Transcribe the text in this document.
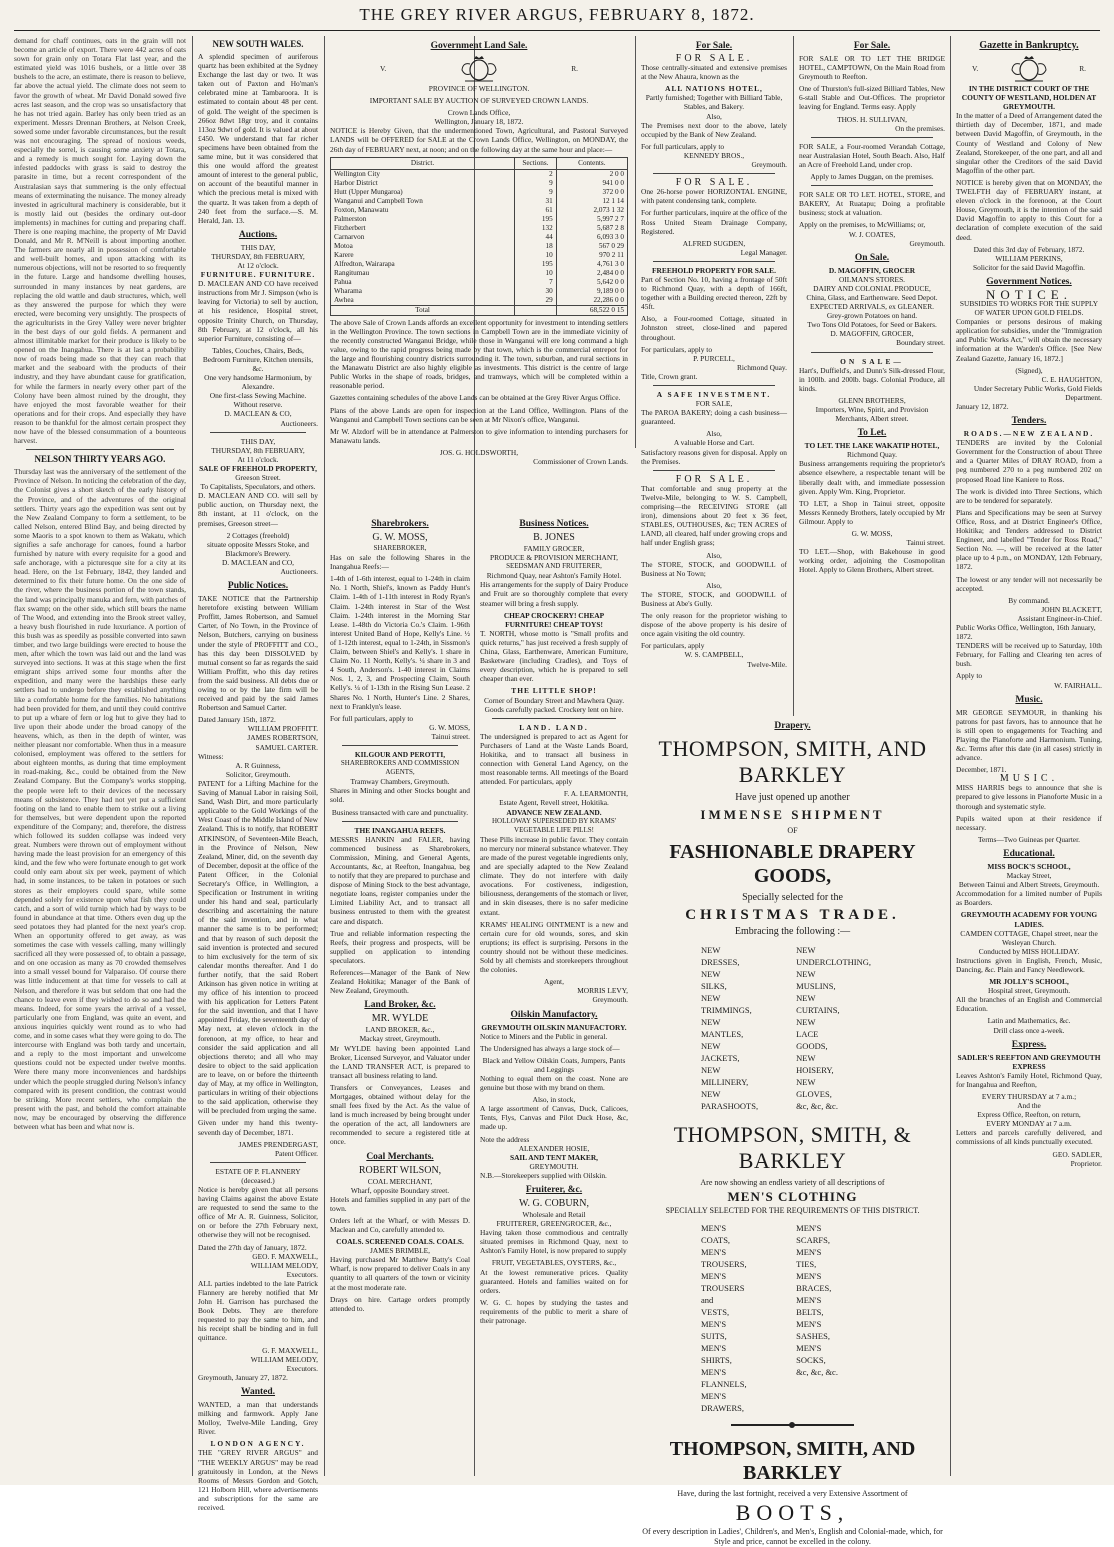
THE GREY RIVER ARGUS, FEBRUARY 8, 1872.

demand for chaff continues, oats in the grain will not become an article of export. There were 442 acres of oats sown for grain only on Totara Flat last year, and the estimated yield was 1016 bushels, or a little over 38 bushels to the acre, an estimate, there is reason to believe, far above the actual yield. The climate does not seem to favor the growth of wheat. Mr David Donald sowed five acres last season, and the crop was so unsatisfactory that he has not tried again. Barley has only been tried as an experiment. Messrs Drennan Brothers, at Nelson Creek, sowed some under favorable circumstances, but the result was not encouraging. The spread of noxious weeds, especially the sorrel, is causing some anxiety at Totara, and a remedy is much sought for. Laying down the infested paddocks with grass is said to destroy the parasite in time, but a recent correspondent of the Australasian says that summering is the only effectual means of exterminating the nuisance. The money already invested in agricultural machinery is considerable, but it is mostly laid out (besides the ordinary out-door implements) in machines for cutting and preparing chaff. There is one reaping machine, the property of Mr David Donald, and Mr R. M'Neill is about importing another. The farmers are nearly all in possession of comfortable and well-built homes, and upon attacking with its numerous objections, will not be resorted to so frequently in the future. Large and handsome dwelling houses, surrounded in many instances by neat gardens, are replacing the old wattle and daub structures, which, well as they answered the purpose for which they were erected, were becoming very unsightly. The prospects of the agriculturists in the Grey Valley were never brighter in the best days of our gold fields. A permanent and almost illimitable market for their produce is likely to be opened on the Inangahua. There is at last a probability now of roads being made so that they can reach that market and the seaboard with the products of their industry, and they have abundant cause for gratification, for while the farmers in nearly every other part of the Colony have been almost ruined by the drought, they have enjoyed the most favorable weather for their operations and for their crops. And especially they have reason to be thankful for the almost certain prospect they now have of the blessed consummation of a bounteous harvest.

NELSON THIRTY YEARS AGO.

Thursday last was the anniversary of the settlement of the Province of Nelson. In noticing the celebration of the day, the Colonist gives a short sketch of the early history of the Province, and of the adventures of the original settlers. Thirty years ago the expedition was sent out by the New Zealand Company to form a settlement, to be called Nelson, entered Blind Bay, and being directed by some Maoris to a spot known to them as Wakatu, which signifies a safe anchorage for canoes, found a harbor furnished by nature with every requisite for a good and safe anchorage, with a picturesque site for a city at its head. Here, on the 1st February, 1842, they landed and determined to fix their future home. On the one side of the river, where the business portion of the town stands, the land was principally manuka and fern, with patches of flax swamp; on the other side, which still bears the name of The Wood, and extending into the Brook street valley, a heavy bush flourished in rude luxuriance. A portion of this bush was as speedily as possible converted into sawn timber, and two large buildings were erected to house the men, after which the town was laid out and the land was surveyed into sections. It was at this stage when the first emigrant ships arrived some four months after the expedition, and many were the hardships these early settlers had to undergo before they established anything like a comfortable home for the families. No habitations had been provided for them, and until they could contrive to put up a whare of fern or log hut to give they had to live upon their abode under the broad canopy of the heavens, which, as then in the depth of winter, was neither pleasant nor comfortable. When thus in a measure colonised, employment was offered to the settlers for about eighteen months, as during that time employment in road-making, &c., could be obtained from the New Zealand Company. But the Company's works stopping, the people were left to their devices of the necessary means of subsistence. They had not yet put a sufficient footing on the land to enable them to strike out a living for themselves, but were dependent upon the reported expenditure of the Company; and, therefore, the distress which followed its sudden collapse was indeed very great. Numbers were thrown out of employment without having made the least provision for an emergency of this kind, and the few who were fortunate enough to get work could only earn about six per week, payment of which had, in some instances, to be taken in potatoes or such stores as their employers could spare, while some depended solely for existence upon what fish they could catch, and a sort of wild turnip which had by ways to be found in abundance at that time. Others even dug up the seed potatoes they had planted for the next year's crop. When an opportunity offered to get away, as was sometimes the case with vessels calling, many willingly sacrificed all they were possessed of, to obtain a passage, and on one occasion as many as 70 crowded themselves into a small vessel bound for Valparaiso. Of course there was little inducement at that time for vessels to call at Nelson, and therefore it was but seldom that one had the chance to leave even if they wished to do so and had the means. Indeed, for some years the arrival of a vessel, particularly one from England, was quite an event, and anxious inquiries quickly went round as to who had come, and in some cases what they were going to do. The intercourse with England was both tardy and uncertain, and a reply to the most important and unwelcome questions could not be expected under twelve months. Were there many more inconveniences and hardships under which the people struggled during Nelson's infancy compared with its present condition, the contrast would be striking. More recent settlers, who complain the present with the past, and behold the comfort attainable now, may be encouraged by observing the difference between what has been and what now is.

NEW SOUTH WALES.

A splendid specimen of auriferous quartz has been exhibited at the Sydney Exchange the last day or two. It was taken out of Paxton and Ho'man's celebrated mine at Tambaroora. It is estimated to contain about 48 per cent. of gold. The weight of the specimen is 266oz 8dwt 18gr troy, and it contains 113oz 9dwt of gold. It is valued at about £450. We understand that far richer specimens have been obtained from the same mine, but it was considered that this one would afford the greatest amount of interest to the general public, on account of the beautiful manner in which the precious metal is mixed with the quartz. It was taken from a depth of 240 feet from the surface.—S. M. Herald, Jan. 13.

Auctions.
THIS DAY,
THURSDAY, 8th FEBRUARY,
At 12 o'clock.
FURNITURE. FURNITURE.

D. MACLEAN AND CO have received instructions from Mr J. Simpson (who is leaving for Victoria) to sell by auction, at his residence, Hospital street, opposite Trinity Church, on Thursday, 8th February, at 12 o'clock, all his superior Furniture, consisting of—

Tables, Couches, Chairs, Beds, Bedroom Furniture, Kitchen utensils, &c.
One very handsome Harmonium, by Alexandre.
One first-class Sewing Machine.
Without reserve.
D. MACLEAN & CO,
Auctioneers.
THIS DAY,
THURSDAY, 8th FEBRUARY,
At 11 o'clock.
SALE OF FREEHOLD PROPERTY,
Greeson Street.
To Capitalists, Speculators, and others.

D. MACLEAN AND CO. will sell by public auction, on Thursday next, the 8th instant, at 11 o'clock, on the premises, Greeson street—

2 Cottages (freehold)
situate opposite Messrs Stoke, and Blackmore's Brewery.
D. MACLEAN and CO,
Auctioneers.
Public Notices.

TAKE NOTICE that the Partnership heretofore existing between William Proffitt, James Robertson, and Samuel Carter, of No Town, in the Province of Nelson, Butchers, carrying on business under the style of PROFFITT and CO., has this day been DISSOLVED by mutual consent so far as regards the said William Proffitt, who this day retires from the said business. All debts due or owing to or by the late firm will be received and paid by the said James Robertson and Samuel Carter.

Dated January 15th, 1872.
WILLIAM PROFFITT.
JAMES ROBERTSON,
SAMUEL CARTER.
Witness:
A. R Guinness,
Solicitor, Greymouth.

PATENT for a Lifting Machine for the Saving of Manual Labor in raising Soil, Sand, Wash Dirt, and more particularly applicable to the Gold Workings of the West Coast of the Middle Island of New Zealand. This is to notify, that ROBERT ATKINSON, of Seventeen-Mile Beach, in the Province of Nelson, New Zealand, Miner, did, on the seventh day of December, deposit at the office of the Patent Officer, in the Colonial Secretary's Office, in Wellington, a Specification or Instrument in writing under his hand and seal, particularly describing and ascertaining the nature of the said invention, and in what manner the same is to be performed; and that by reason of such deposit the said invention is protected and secured to him exclusively for the term of six calendar months thereafter. And I do further notify, that the said Robert Atkinson has given notice in writing at my office of his intention to proceed with his application for Letters Patent for the said invention, and that I have appointed Friday, the seventeenth day of May next, at eleven o'clock in the forenoon, at my office, to hear and consider the said application and all objections thereto; and all who may desire to object to the said application are to leave, on or before the thirteenth day of May, at my office in Wellington, particulars in writing of their objections to the said application, otherwise they will be precluded from urging the same.

Given under my hand this twenty-seventh day of December, 1871.

JAMES PRENDERGAST,
Patent Officer.
ESTATE OF P. FLANNERY (deceased.)

Notice is hereby given that all persons having Claims against the above Estate are requested to send the same to the office of Mr A. R. Guinness, Solicitor, on or before the 27th February next, otherwise they will not be recognised.

Dated the 27th day of January, 1872.
GEO. F. MAXWELL,
WILLIAM MELODY,
Executors.

ALL parties indebted to the late Patrick Flannery are hereby notified that Mr John H. Garrison has purchased the Book Debts. They are therefore requested to pay the same to him, and his receipt shall be binding and in full quittance.

G. F. MAXWELL,
WILLIAM MELODY,
Executors.
Greymouth, January 27, 1872.
Wanted.

WANTED, a man that understands milking and farmwork. Apply Jane Molloy, Twelve-Mile Landing, Grey River.

LONDON AGENCY.

THE "GREY RIVER ARGUS" and "THE WEEKLY ARGUS" may be read gratuitously in London, at the News Rooms of Messrs Gordon and Gotch, 121 Holborn Hill, where advertisements and subscriptions for the same are received.

Government Land Sale.
V.	R.
PROVINCE OF WELLINGTON.
IMPORTANT SALE BY AUCTION OF SURVEYED CROWN LANDS.
Crown Lands Office,
Wellington, January 18, 1872.

NOTICE is Hereby Given, that the undermentioned Town, Agricultural, and Pastoral Surveyed LANDS will be OFFERED for SALE at the Crown Lands Office, Wellington, on MONDAY, the 26th day of FEBRUARY next, at noon; and on the following day at the same hour and place:—

District.	Sections.	Contents.
Wellington City	2	2 0 0
Harbor District	9	941 0 0
Hutt (Upper Mungaroa)	9	372 0 0
Wanganui and Campbell Town	31	12 1 14
Foxton, Manawatu	61	2,073 1 32
Palmerston	195	5,997 2 7
Fitzherbert	132	5,687 2 8
Carnarvon	44	6,093 3 0
Motoa	18	567 0 29
Karere	10	970 2 11
Alfredton, Wairarapa	195	4,761 3 0
Rangitumau	10	2,484 0 0
Pahua	7	5,642 0 0
Wharama	30	9,189 0 0
Awhea	29	22,286 0 0
Total		68,522 0 15

The above Sale of Crown Lands affords an excellent opportunity for investment to intending settlers in the Wellington Province. The town sections in Campbell Town are in the immediate vicinity of the recently constructed Wanganui Bridge, while those in Wanganui will ere long command a high value, owing to the rapid progress being made by that town, which is the commercial entrepot for the large and flourishing country districts surrounding it. The town, suburban, and rural sections in the Manawatu District are also highly eligible as investments. This district is the centre of large Public Works in the shape of roads, bridges, and tramways, which will be completed within a reasonable period.

Gazettes containing schedules of the above Lands can be obtained at the Grey River Argus Office.

Plans of the above Lands are open for inspection at the Land Office, Wellington. Plans of the Wanganui and Campbell Town sections can be seen at Mr Nixon's office, Wanganui.

Mr W. Alzdorf will be in attendance at Palmerston to give information to intending purchasers for Manawatu lands.

JOS. G. HOLDSWORTH,
Commissioner of Crown Lands.
Sharebrokers.
G. W. MOSS,
SHAREBROKER,

Has on sale the following Shares in the Inangahua Reefs:—

1-4th of 1-6th interest, equal to 1-24th in claim No. 1 North, Shiel's, known as Paddy Hunt's Claim. 1-4th of 1-11th interest in Rody Ryan's Claim. 1-24th interest in Star of the West Claim. 1-24th interest in the Morning Star Lease. 1-48th do Victoria Co.'s Claim. 1-96th interest United Band of Hope, Kelly's Line. ½ of 1-12th interest, equal to 1-24th, in Sissmon's Claim, between Shiel's and Kelly's. 1 share in Claim No. 11 North, Kelly's. ¼ share in 3 and 4 South, Anderson's. 1-40 interest in Claims Nos. 1, 2, 3, and Prospecting Claim, South Kelly's. ¼ of 1-13th in the Rising Sun Lease. 2 Shares No. 1 North, Hunter's Line. 2 Shares, next to Franklyn's lease.

For full particulars, apply to
G. W. MOSS,
Tainui street.
KILGOUR AND PEROTTI,
SHAREBROKERS AND COMMISSION AGENTS,
Tramway Chambers, Greymouth.

Shares in Mining and other Stocks bought and sold.

Business transacted with care and punctuality.
THE INANGAHUA REEFS.

MESSRS HANKIN and FALER, having commenced business as Sharebrokers, Commission, Mining, and General Agents, Accountants, &c, at Reefton, Inangahua, beg to notify that they are prepared to purchase and dispose of Mining Stock to the best advantage, negotiate loans, register companies under the Limited Liability Act, and to transact all business entrusted to them with the greatest care and dispatch.

True and reliable information respecting the Reefs, their progress and prospects, will be supplied on application to intending speculators.

References—Manager of the Bank of New Zealand Hokitika; Manager of the Bank of New Zealand, Greymouth.

Land Broker, &c.
MR. WYLDE
LAND BROKER, &c.,
Mackay street, Greymouth.

Mr WYLDE having been appointed Land Broker, Licensed Surveyor, and Valuator under the LAND TRANSFER ACT, is prepared to transact all business relating to land.

Transfers or Conveyances, Leases and Mortgages, obtained without delay for the small fees fixed by the Act. As the value of land is much increased by being brought under the operation of the act, all landowners are recommended to secure a registered title at once.

Coal Merchants.
ROBERT WILSON,
COAL MERCHANT,
Wharf, opposite Boundary street.

Hotels and families supplied in any part of the town.

Orders left at the Wharf, or with Messrs D. Maclean and Co, carefully attended to.

COALS. SCREENED COALS. COALS.
JAMES BRIMBLE,

Having purchased Mr Matthew Batty's Coal Wharf, is now prepared to deliver Coals in any quantity to all quarters of the town or vicinity at the most moderate rate.

Drays on hire. Cartage orders promptly attended to.

Business Notices.
B. JONES
FAMILY GROCER,
PRODUCE & PROVISION MERCHANT,
SEEDSMAN AND FRUITERER,
Richmond Quay, near Ashton's Family Hotel.

His arrangements for the supply of Dairy Produce and Fruit are so thoroughly complete that every steamer will bring a fresh supply.

CHEAP CROCKERY! CHEAP FURNITURE! CHEAP TOYS!

T. NORTH, whose motto is "Small profits and quick returns," has just received a fresh supply of China, Glass, Earthenware, American Furniture, Basketware (including Cradles), and Toys of every description, which he is prepared to sell cheaper than ever.

THE LITTLE SHOP!
Corner of Boundary Street and Mawhera Quay.
Goods carefully packed. Crockery lent on hire.
LAND. LAND.

The undersigned is prepared to act as Agent for Purchasers of Land at the Waste Lands Board, Hokitika, and to transact all business in connection with General Land Agency, on the most reasonable terms. All meetings of the Board attended. For particulars, apply

F. A. LEARMONTH,
Estate Agent, Revell street, Hokitika.
ADVANCE NEW ZEALAND.
HOLLOWAY SUPERSEDED BY KRAMS' VEGETABLE LIFE PILLS!

These Pills increase in public favor. They contain no mercury nor mineral substance whatever. They are made of the purest vegetable ingredients only, and are specially adapted to the New Zealand climate. They do not interfere with daily avocations. For costiveness, indigestion, biliousness, derangements of the stomach or liver, and in skin diseases, there is no safer medicine extant.

KRAMS' HEALING OINTMENT is a new and certain cure for old wounds, sores, and skin eruptions; its effect is surprising. Persons in the country should not be without these medicines. Sold by all chemists and storekeepers throughout the colonies.

Agent,
MORRIS LEVY,
Greymouth.
Oilskin Manufactory.
GREYMOUTH OILSKIN MANUFACTORY.

Notice to Miners and the Public in general.

The Undersigned has always a large stock of—

Black and Yellow Oilskin Coats, Jumpers, Pants and Leggings

Nothing to equal them on the coast. None are genuine but those with my brand on them.

Also, in stock,

A large assortment of Canvas, Duck, Calicoes, Tents, Flys, Canvas and Pilot Duck Hose, &c, made up.

Note the address
ALEXANDER HOSIE,
SAIL AND TENT MAKER,
GREYMOUTH.
N.B.—Storekeepers supplied with Oilskin.
Fruiterer, &c.
W. G. COBURN,
Wholesale and Retail
FRUITERER, GREENGROCER, &c.,

Having taken those commodious and centrally situated premises in Richmond Quay, next to Ashton's Family Hotel, is now prepared to supply

FRUIT, VEGETABLES, OYSTERS, &c.,

At the lowest remunerative prices. Quality guaranteed. Hotels and families waited on for orders.

W. G. C. hopes by studying the tastes and requirements of the public to merit a share of their patronage.

For Sale.
FOR SALE.

Those centrally-situated and extensive premises at the New Ahaura, known as the

ALL NATIONS HOTEL,
Partly furnished; Together with Billiard Table, Stables, and Bakery.
Also,

The Premises next door to the above, lately occupied by the Bank of New Zealand.

For full particulars, apply to
KENNEDY BROS.,
Greymouth.
FOR SALE.

One 26-horse power HORIZONTAL ENGINE, with patent condensing tank, complete.

For further particulars, inquire at the office of the Ross United Steam Drainage Company, Registered.

ALFRED SUGDEN,
Legal Manager.
FREEHOLD PROPERTY FOR SALE.

Part of Section No. 10, having a frontage of 50ft to Richmond Quay, with a depth of 166ft, together with a Building erected thereon, 22ft by 45ft.

Also, a Four-roomed Cottage, situated in Johnston street, close-lined and papered throughout.

For particulars, apply to
P. PURCELL,
Richmond Quay.
Title, Crown grant.
A SAFE INVESTMENT.
FOR SALE,

The PAROA BAKERY; doing a cash business—guaranteed.

Also,
A valuable Horse and Cart.

Satisfactory reasons given for disposal. Apply on the Premises.

FOR SALE.

That comfortable and snug property at the Twelve-Mile, belonging to W. S. Campbell, comprising—the RECEIVING STORE (all iron), dimensions about 20 feet x 36 feet, STABLES, OUTHOUSES, &c; TEN ACRES of LAND, all cleared, half under growing crops and half under English grass;

Also,

The STORE, STOCK, and GOODWILL of Business at No Town;

Also,

The STORE, STOCK, and GOODWILL of Business at Abe's Gully.

The only reason for the proprietor wishing to dispose of the above property is his desire of once again visiting the old country.

For particulars, apply
W. S. CAMPBELL,
Twelve-Mile.
For Sale.

FOR SALE OR TO LET THE BRIDGE HOTEL, CAMPTOWN, On the Main Road from Greymouth to Reefton.

One of Thurston's full-sized Billiard Tables, New 6-stall Stable and Out-Offices. The proprietor leaving for England. Terms easy. Apply

THOS. H. SULLIVAN,
On the premises.

FOR SALE, a Four-roomed Verandah Cottage, near Australasian Hotel, South Beach. Also, Half an Acre of Freehold Land, under crop.

Apply to James Duggan, on the premises.

FOR SALE OR TO LET. HOTEL, STORE, and BAKERY, At Ruatapu; Doing a profitable business; stock at valuation.

Apply on the premises, to McWilliams; or,
W. J. COATES,
Greymouth.
On Sale.
D. MAGOFFIN, GROCER
OILMAN'S STORES.
DAIRY AND COLONIAL PRODUCE,
China, Glass, and Earthenware. Seed Depot.
EXPECTED ARRIVALS, ex GLEANER.
Grey-grown Potatoes on hand.
Two Tons Old Potatoes, for Seed or Bakers.
D. MAGOFFIN, GROCER,
Boundary street.
ON SALE—

Hart's, Duffield's, and Dunn's Silk-dressed Flour, in 100lb. and 200lb. bags. Colonial Produce, all kinds.

GLENN BROTHERS,
Importers, Wine, Spirit, and Provision Merchants, Albert street.
To Let.
TO LET. THE LAKE WAKATIP HOTEL,
Richmond Quay.

Business arrangements requiring the proprietor's absence elsewhere, a respectable tenant will be liberally dealt with, and immediate possession given. Apply Wm. King, Proprietor.

TO LET, a Shop in Tainui street, opposite Messrs Kennedy Brothers, lately occupied by Mr Gilmour. Apply to

G. W. MOSS,
Tainui street.

TO LET.—Shop, with Bakehouse in good working order, adjoining the Cosmopolitan Hotel. Apply to Glenn Brothers, Albert street.

Drapery.
THOMPSON, SMITH, AND BARKLEY
Have just opened up another
IMMENSE SHIPMENT
OF
FASHIONABLE DRAPERY GOODS,
Specially selected for the
CHRISTMAS TRADE.
Embracing the following :—
NEW DRESSES,
NEW SILKS,
NEW TRIMMINGS,
NEW MANTLES,
NEW JACKETS,
NEW MILLINERY,
NEW PARASHOOTS,
NEW UNDERCLOTHING,
NEW MUSLINS,
NEW CURTAINS,
NEW LACE GOODS,
NEW HOISERY,
NEW GLOVES,
&c, &c, &c.
THOMPSON, SMITH, & BARKLEY
Are now showing an endless variety of all descriptions of
MEN'S CLOTHING
SPECIALLY SELECTED FOR THE REQUIREMENTS OF THIS DISTRICT.
MEN'S COATS,
MEN'S TROUSERS,
MEN'S TROUSERS and VESTS,
MEN'S SUITS,
MEN'S SHIRTS,
MEN'S FLANNELS,
MEN'S DRAWERS,
MEN'S SCARFS,
MEN'S TIES,
MEN'S BRACES,
MEN'S BELTS,
MEN'S SASHES,
MEN'S SOCKS,
&c, &c, &c.
THOMPSON, SMITH, AND BARKLEY
Have, during the last fortnight, received a very Extensive Assortment of
BOOTS,
Of every description in Ladies', Children's, and Men's, English and Colonial-made, which, for Style and price, cannot be excelled in the colony.
Gazette in Bankruptcy.
V.	R.
IN THE DISTRICT COURT OF THE COUNTY OF WESTLAND, HOLDEN AT GREYMOUTH.

In the matter of a Deed of Arrangement dated the thirtieth day of December, 1871, and made between David Magoffin, of Greymouth, in the County of Westland and Colony of New Zealand, Storekeeper, of the one part, and all and singular other the Creditors of the said David Magoffin of the other part.

NOTICE is hereby given that on MONDAY, the TWELFTH day of FEBRUARY instant, at eleven o'clock in the forenoon, at the Court House, Greymouth, it is the intention of the said David Magoffin to apply to this Court for a declaration of complete execution of the said deed.

Dated this 3rd day of February, 1872.
WILLIAM PERKINS,
Solicitor for the said David Magoffin.
Government Notices.
NOTICE.
SUBSIDIES TO WORKS FOR THE SUPPLY OF WATER UPON GOLD FIELDS.

Companies or persons desirous of making application for subsidies, under the "Immigration and Public Works Act," will obtain the necessary information at the Warden's Office. [See New Zealand Gazette, January 16, 1872.]

(Signed),
C. E. HAUGHTON,
Under Secretary Public Works, Gold Fields Department.
January 12, 1872.
Tenders.
ROADS.—NEW ZEALAND.

TENDERS are invited by the Colonial Government for the Construction of about Three and a Quarter Miles of DRAY ROAD, from a peg numbered 270 to a peg numbered 202 on proposed Road line Kaniere to Ross.

The work is divided into Three Sections, which are to be tendered for separately.

Plans and Specifications may be seen at Survey Office, Ross, and at District Engineer's Office, Hokitika; and Tenders addressed to District Engineer, and labelled "Tender for Ross Road," Section No. —, will be received at the latter place up to 4 p.m., on MONDAY, 12th February, 1872.

The lowest or any tender will not necessarily be accepted.

By command.
JOHN BLACKETT,
Assistant Engineer-in-Chief.
Public Works Office, Wellington, 16th January, 1872.

TENDERS will be received up to Saturday, 10th February, for Falling and Clearing ten acres of bush.

Apply to
W. FAIRHALL.
Music.

MR GEORGE SEYMOUR, in thanking his patrons for past favors, has to announce that he is still open to engagements for Teaching and Playing the Pianoforte and Harmonium. Tuning, &c. Terms after this date (in all cases) strictly in advance.

December, 1871.
MUSIC.

MISS HARRIS begs to announce that she is prepared to give lessons in Pianoforte Music in a thorough and systematic style.

Pupils waited upon at their residence if necessary.

Terms—Two Guineas per Quarter.
Educational.
MISS BOCK'S SCHOOL,
Mackay Street,
Between Tainui and Albert Streets, Greymouth.

Accommodation for a limited number of Pupils as Boarders.

GREYMOUTH ACADEMY FOR YOUNG LADIES.
CAMDEN COTTAGE, Chapel street, near the Wesleyan Church.
Conducted by MISS HOLLIDAY.

Instructions given in English, French, Music, Dancing, &c. Plain and Fancy Needlework.

MR JOLLY'S SCHOOL,
Hospital street, Greymouth.

All the branches of an English and Commercial Education.

Latin and Mathematics, &c.
Drill class once a-week.
Express.
SADLER'S REEFTON AND GREYMOUTH EXPRESS

Leaves Ashton's Family Hotel, Richmond Quay, for Inangahua and Reefton,

EVERY THURSDAY at 7 a.m.;
And the
Express Office, Reefton, on return,
EVERY MONDAY at 7 a.m.

Letters and parcels carefully delivered, and commissions of all kinds punctually executed.

GEO. SADLER,
Proprietor.
